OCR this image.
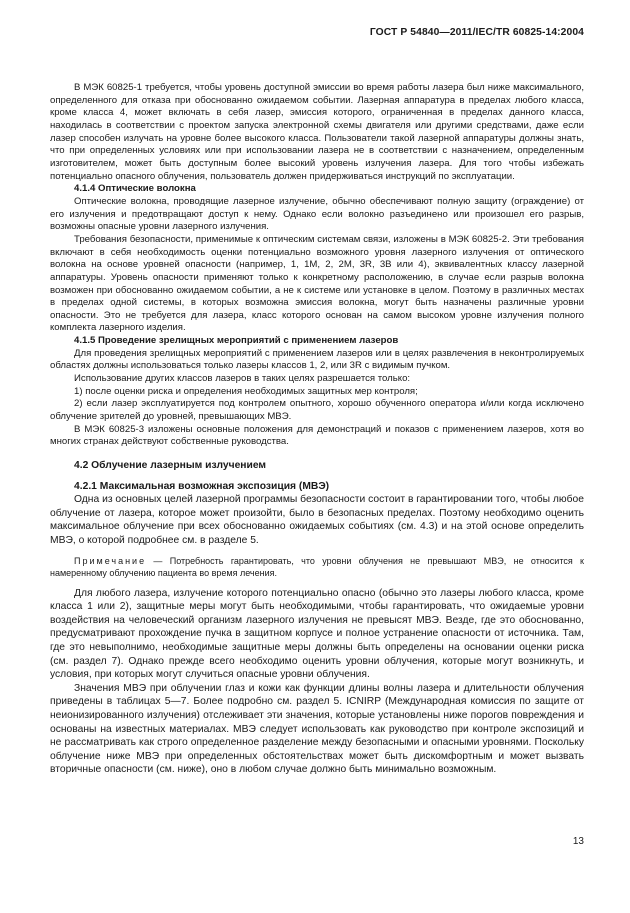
ГОСТ Р 54840—2011/IEC/TR 60825-14:2004

В МЭК 60825-1 требуется, чтобы уровень доступной эмиссии во время работы лазера был ниже максимального, определенного для отказа при обоснованно ожидаемом событии. Лазерная аппаратура в пределах любого класса, кроме класса 4, может включать в себя лазер, эмиссия которого, ограниченная в пределах данного класса, находилась в соответствии с проектом запуска электронной схемы двигателя или другими средствами, даже если лазер способен излучать на уровне более высокого класса. Пользователи такой лазерной аппаратуры должны знать, что при определенных условиях или при использовании лазера не в соответствии с назначением, определенным изготовителем, может быть доступным более высокий уровень излучения лазера. Для того чтобы избежать потенциально опасного облучения, пользователь должен придерживаться инструкций по эксплуатации.

4.1.4 Оптические волокна

Оптические волокна, проводящие лазерное излучение, обычно обеспечивают полную защиту (ограждение) от его излучения и предотвращают доступ к нему. Однако если волокно разъединено или произошел его разрыв, возможны опасные уровни лазерного излучения.

Требования безопасности, применимые к оптическим системам связи, изложены в МЭК 60825-2. Эти требования включают в себя необходимость оценки потенциально возможного уровня лазерного излучения от оптического волокна на основе уровней опасности (например, 1, 1М, 2, 2М, 3R, 3В или 4), эквивалентных классу лазерной аппаратуры. Уровень опасности применяют только к конкретному расположению, в случае если разрыв волокна возможен при обоснованно ожидаемом событии, а не к системе или установке в целом. Поэтому в различных местах в пределах одной системы, в которых возможна эмиссия волокна, могут быть назначены различные уровни опасности. Это не требуется для лазера, класс которого основан на самом высоком уровне излучения полного комплекта лазерного изделия.

4.1.5 Проведение зрелищных мероприятий с применением лазеров

Для проведения зрелищных мероприятий с применением лазеров или в целях развлечения в неконтролируемых областях должны использоваться только лазеры классов 1, 2, или 3R с видимым пучком.

Использование других классов лазеров в таких целях разрешается только:

1) после оценки риска и определения необходимых защитных мер контроля;

2) если лазер эксплуатируется под контролем опытного, хорошо обученного оператора и/или когда исключено облучение зрителей до уровней, превышающих МВЭ.

В МЭК 60825-3 изложены основные положения для демонстраций и показов с применением лазеров, хотя во многих странах действуют собственные руководства.

4.2 Облучение лазерным излучением
4.2.1 Максимальная возможная экспозиция (МВЭ)

Одна из основных целей лазерной программы безопасности состоит в гарантировании того, чтобы любое облучение от лазера, которое может произойти, было в безопасных пределах. Поэтому необходимо оценить максимальное облучение при всех обоснованно ожидаемых событиях (см. 4.3) и на этой основе определить МВЭ, о которой подробнее см. в разделе 5.

Примечание — Потребность гарантировать, что уровни облучения не превышают МВЭ, не относится к намеренному облучению пациента во время лечения.

Для любого лазера, излучение которого потенциально опасно (обычно это лазеры любого класса, кроме класса 1 или 2), защитные меры могут быть необходимыми, чтобы гарантировать, что ожидаемые уровни воздействия на человеческий организм лазерного излучения не превысят МВЭ. Везде, где это обоснованно, предусматривают прохождение пучка в защитном корпусе и полное устранение опасности от источника. Там, где это невыполнимо, необходимые защитные меры должны быть определены на основании оценки риска (см. раздел 7). Однако прежде всего необходимо оценить уровни облучения, которые могут возникнуть, и условия, при которых могут случиться опасные уровни облучения.

Значения МВЭ при облучении глаз и кожи как функции длины волны лазера и длительности облучения приведены в таблицах 5—7. Более подробно см. раздел 5. ICNIRP (Международная комиссия по защите от неионизированного излучения) отслеживает эти значения, которые установлены ниже порогов повреждения и основаны на известных материалах. МВЭ следует использовать как руководство при контроле экспозиций и не рассматривать как строго определенное разделение между безопасными и опасными уровнями. Поскольку облучение ниже МВЭ при определенных обстоятельствах может быть дискомфортным и может вызвать вторичные опасности (см. ниже), оно в любом случае должно быть минимально возможным.

13
